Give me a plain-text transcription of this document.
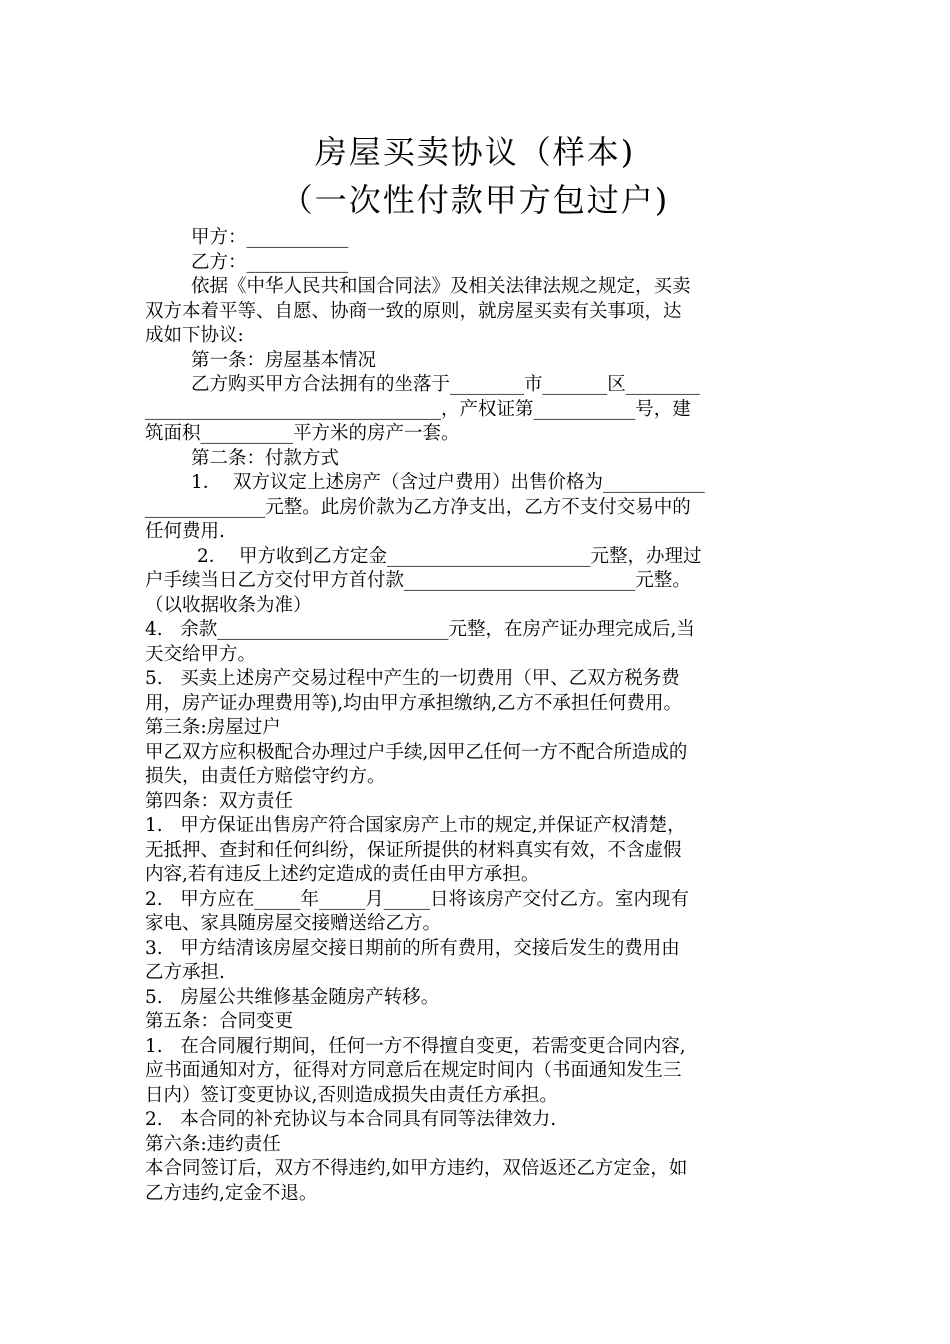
房屋买卖协议（样本)
（一次性付款甲方包过户)
甲方：___________
乙方：___________
依据《中华人民共和国合同法》及相关法律法规之规定，买卖
双方本着平等、自愿、协商一致的原则，就房屋买卖有关事项，达
成如下协议:
第一条：房屋基本情况
乙方购买甲方合法拥有的坐落于________市_______区________
________________________________，产权证第___________号，建
筑面积__________平方米的房产一套。
第二条：付款方式
1．  双方议定上述房产（含过户费用）出售价格为___________
_____________元整。此房价款为乙方净支出，乙方不支付交易中的
任何费用.
2．  甲方收到乙方定金______________________元整，办理过
户手续当日乙方交付甲方首付款_________________________元整。
（以收据收条为准）
4.   余款_________________________元整，在房产证办理完成后,当
天交给甲方。
5.   买卖上述房产交易过程中产生的一切费用（甲、乙双方税务费
用，房产证办理费用等),均由甲方承担缴纳,乙方不承担任何费用。
第三条:房屋过户
甲乙双方应积极配合办理过户手续,因甲乙任何一方不配合所造成的
损失，由责任方赔偿守约方。
第四条：双方责任
1.   甲方保证出售房产符合国家房产上市的规定,并保证产权清楚，
无抵押、查封和任何纠纷，保证所提供的材料真实有效，不含虚假
内容,若有违反上述约定造成的责任由甲方承担。
2.   甲方应在_____年_____月_____日将该房产交付乙方。室内现有
家电、家具随房屋交接赠送给乙方。
3.   甲方结清该房屋交接日期前的所有费用，交接后发生的费用由
乙方承担.
5.   房屋公共维修基金随房产转移。
第五条：合同变更
1.   在合同履行期间，任何一方不得擅自变更，若需变更合同内容,
应书面通知对方，征得对方同意后在规定时间内（书面通知发生三
日内）签订变更协议,否则造成损失由责任方承担。
2.   本合同的补充协议与本合同具有同等法律效力.
第六条:违约责任
本合同签订后，双方不得违约,如甲方违约，双倍返还乙方定金，如
乙方违约,定金不退。
